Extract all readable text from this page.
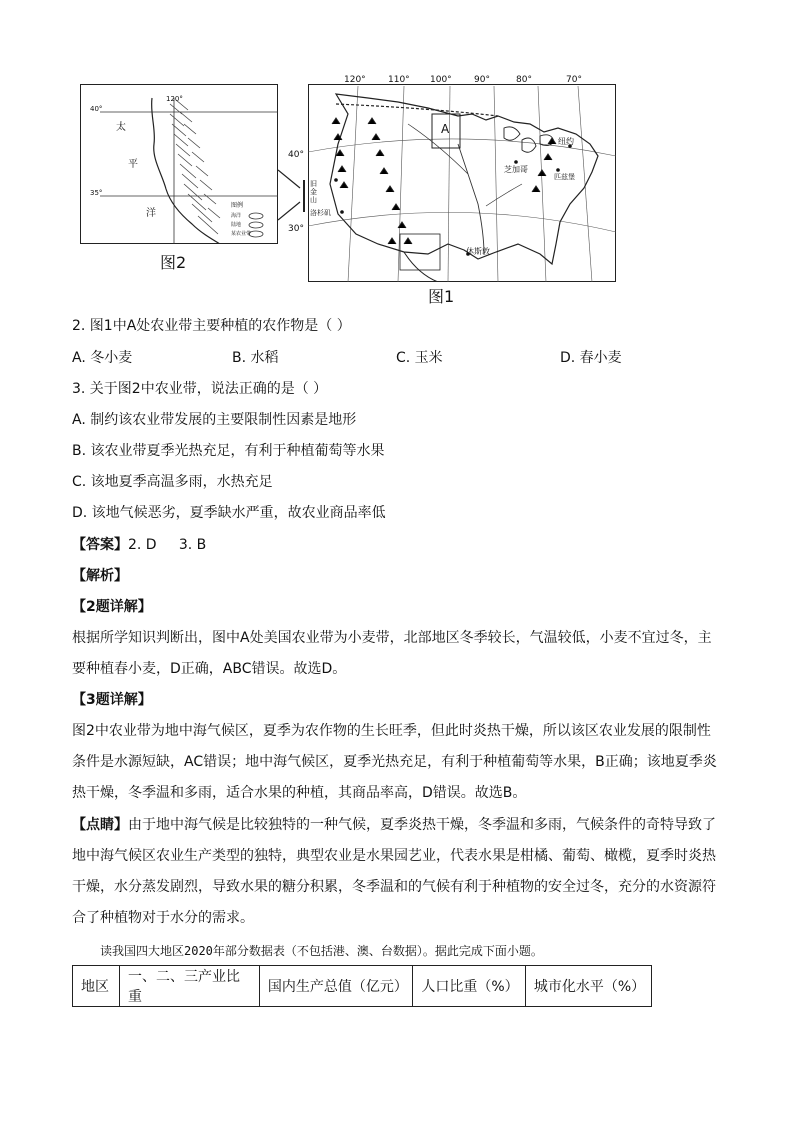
40°
35°
120°
太
平
洋
图例
海洋
陆地
某农业带
图2
120° 110° 100° 90°	80°	70°
40°
30°
A
纽约
芝加哥
匹兹堡
休斯敦
旧金山
洛杉矶
图1
2. 图1中A处农业带主要种植的农作物是（ ）
A. 冬小麦	B. 水稻	C. 玉米	D. 春小麦
3. 关于图2中农业带，说法正确的是（ ）
A. 制约该农业带发展的主要限制性因素是地形
B. 该农业带夏季光热充足，有利于种植葡萄等水果
C. 该地夏季高温多雨，水热充足
D. 该地气候恶劣，夏季缺水严重，故农业商品率低
【答案】2. D     3. B
【解析】
【2题详解】
根据所学知识判断出，图中A处美国农业带为小麦带，北部地区冬季较长，气温较低，小麦不宜过冬，主
要种植春小麦，D正确，ABC错误。故选D。
【3题详解】
图2中农业带为地中海气候区，夏季为农作物的生长旺季，但此时炎热干燥，所以该区农业发展的限制性
条件是水源短缺，AC错误；地中海气候区，夏季光热充足，有利于种植葡萄等水果，B正确；该地夏季炎
热干燥，冬季温和多雨，适合水果的种植，其商品率高，D错误。故选B。
【点睛】由于地中海气候是比较独特的一种气候，夏季炎热干燥，冬季温和多雨，气候条件的奇特导致了
地中海气候区农业生产类型的独特，典型农业是水果园艺业，代表水果是柑橘、葡萄、橄榄，夏季时炎热
干燥，水分蒸发剧烈，导致水果的糖分积累，冬季温和的气候有利于种植物的安全过冬，充分的水资源符
合了种植物对于水分的需求。
读我国四大地区2020年部分数据表（不包括港、澳、台数据）。据此完成下面小题。
地区	一、二、三产业比重	国内生产总值（亿元）	人口比重（%）	城市化水平（%）
